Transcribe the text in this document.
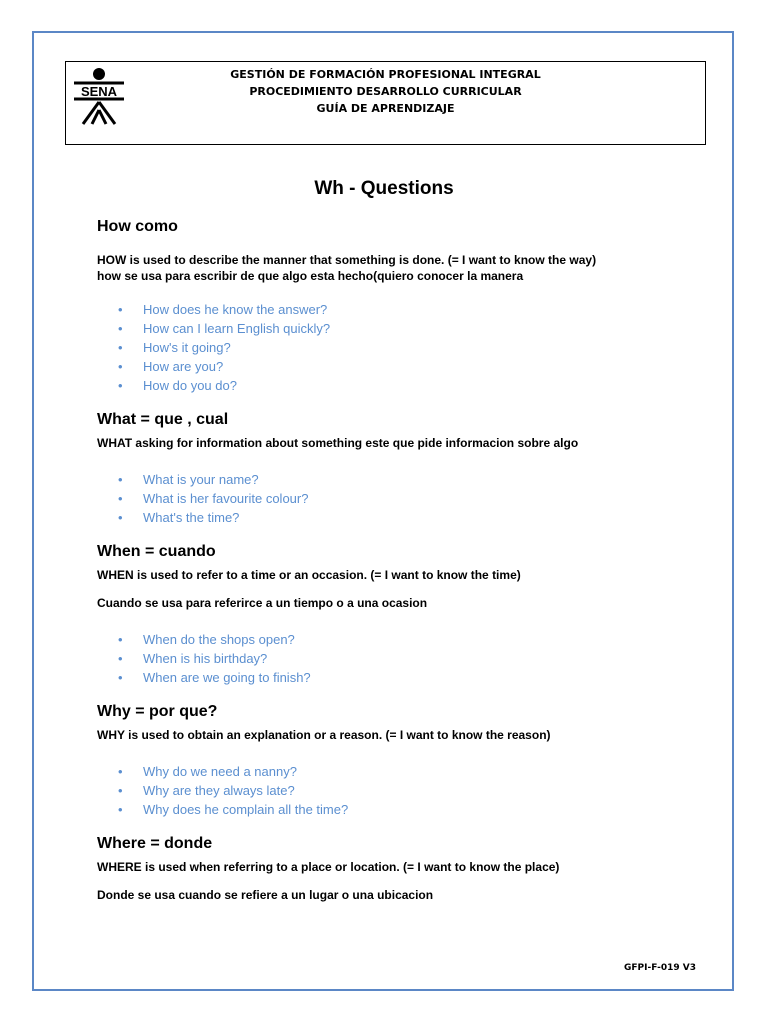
SENA
GESTIÓN DE FORMACIÓN PROFESIONAL INTEGRAL
PROCEDIMIENTO DESARROLLO CURRICULAR
GUÍA DE APRENDIZAJE
Wh - Questions
How como

HOW is used to describe the manner that something is done. (= I want to know the way)

how se usa para escribir de que algo esta hecho(quiero conocer la manera

• How does he know the answer?
• How can I learn English quickly?
• How's it going?
• How are you?
• How do you do?
What = que , cual

WHAT asking for information about something este que pide informacion sobre algo

• What is your name?
• What is her favourite colour?
• What's the time?
When = cuando

WHEN is used to refer to a time or an occasion. (= I want to know the time)

Cuando se usa para referirce a un tiempo o a una ocasion

• When do the shops open?
• When is his birthday?
• When are we going to finish?
Why = por que?

WHY is used to obtain an explanation or a reason. (= I want to know the reason)

• Why do we need a nanny?
• Why are they always late?
• Why does he complain all the time?
Where = donde

WHERE is used when referring to a place or location. (= I want to know the place)

Donde se usa cuando se refiere a un lugar o una ubicacion

GFPI-F-019 V3
